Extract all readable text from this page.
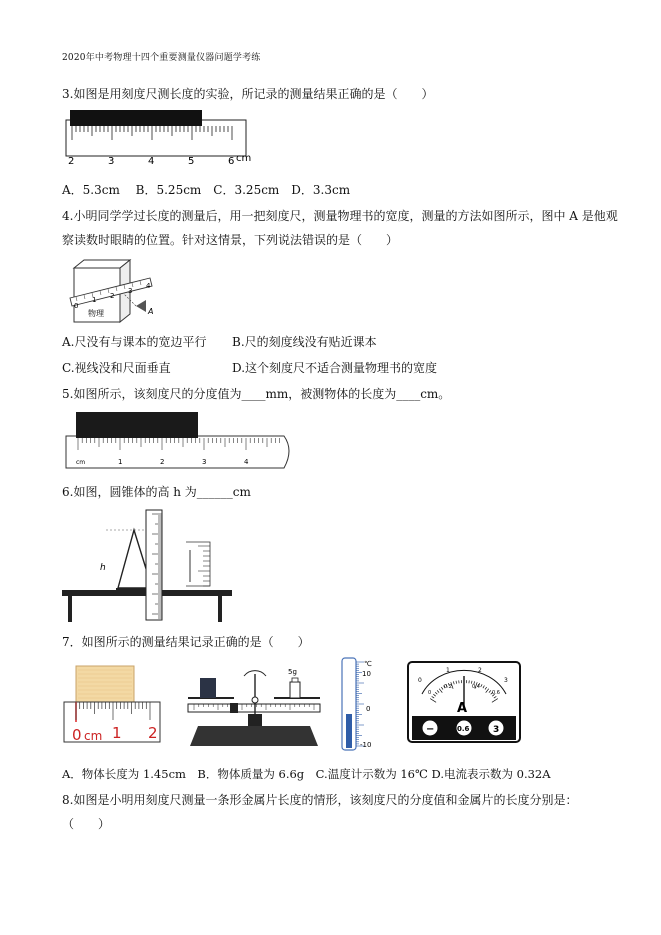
2020年中考物理十四个重要测量仪器问题学考练
3.如图是用刻度尺测长度的实验，所记录的测量结果正确的是（　　）
2	3	4	5	6 cm
A．5.3cm　 B．5.25cm　C．3.25cm　D．3.3cm
4.小明同学学过长度的测量后，用一把刻度尺，测量物理书的宽度，测量的方法如图所示，图中 A 是他观
察读数时眼睛的位置。针对这情景，下列说法错误的是（　　）
物理
0
1 2
3
4
A
A.尺没有与课本的宽边平行 B.尺的刻度线没有贴近课本
C.视线没和尺面垂直	D.这个刻度尺不适合测量物理书的宽度
5.如图所示，该刻度尺的分度值为____mm，被测物体的长度为____cm。
cm	1	2	3	4
6.如图，圆锥体的高 h 为______cm
h
7．如图所示的测量结果记录正确的是（　　）
0 cm 1 2
5g
℃
10
0
-10
0
1	2
3
0
0.2	0.4
0.6
A
−	0.6	3
A．物体长度为 1.45cm　B．物体质量为 6.6g　C.温度计示数为 16℃ D.电流表示数为 0.32A
8.如图是小明用刻度尺测量一条形金属片长度的情形，该刻度尺的分度值和金属片的长度分别是：
（　　）
